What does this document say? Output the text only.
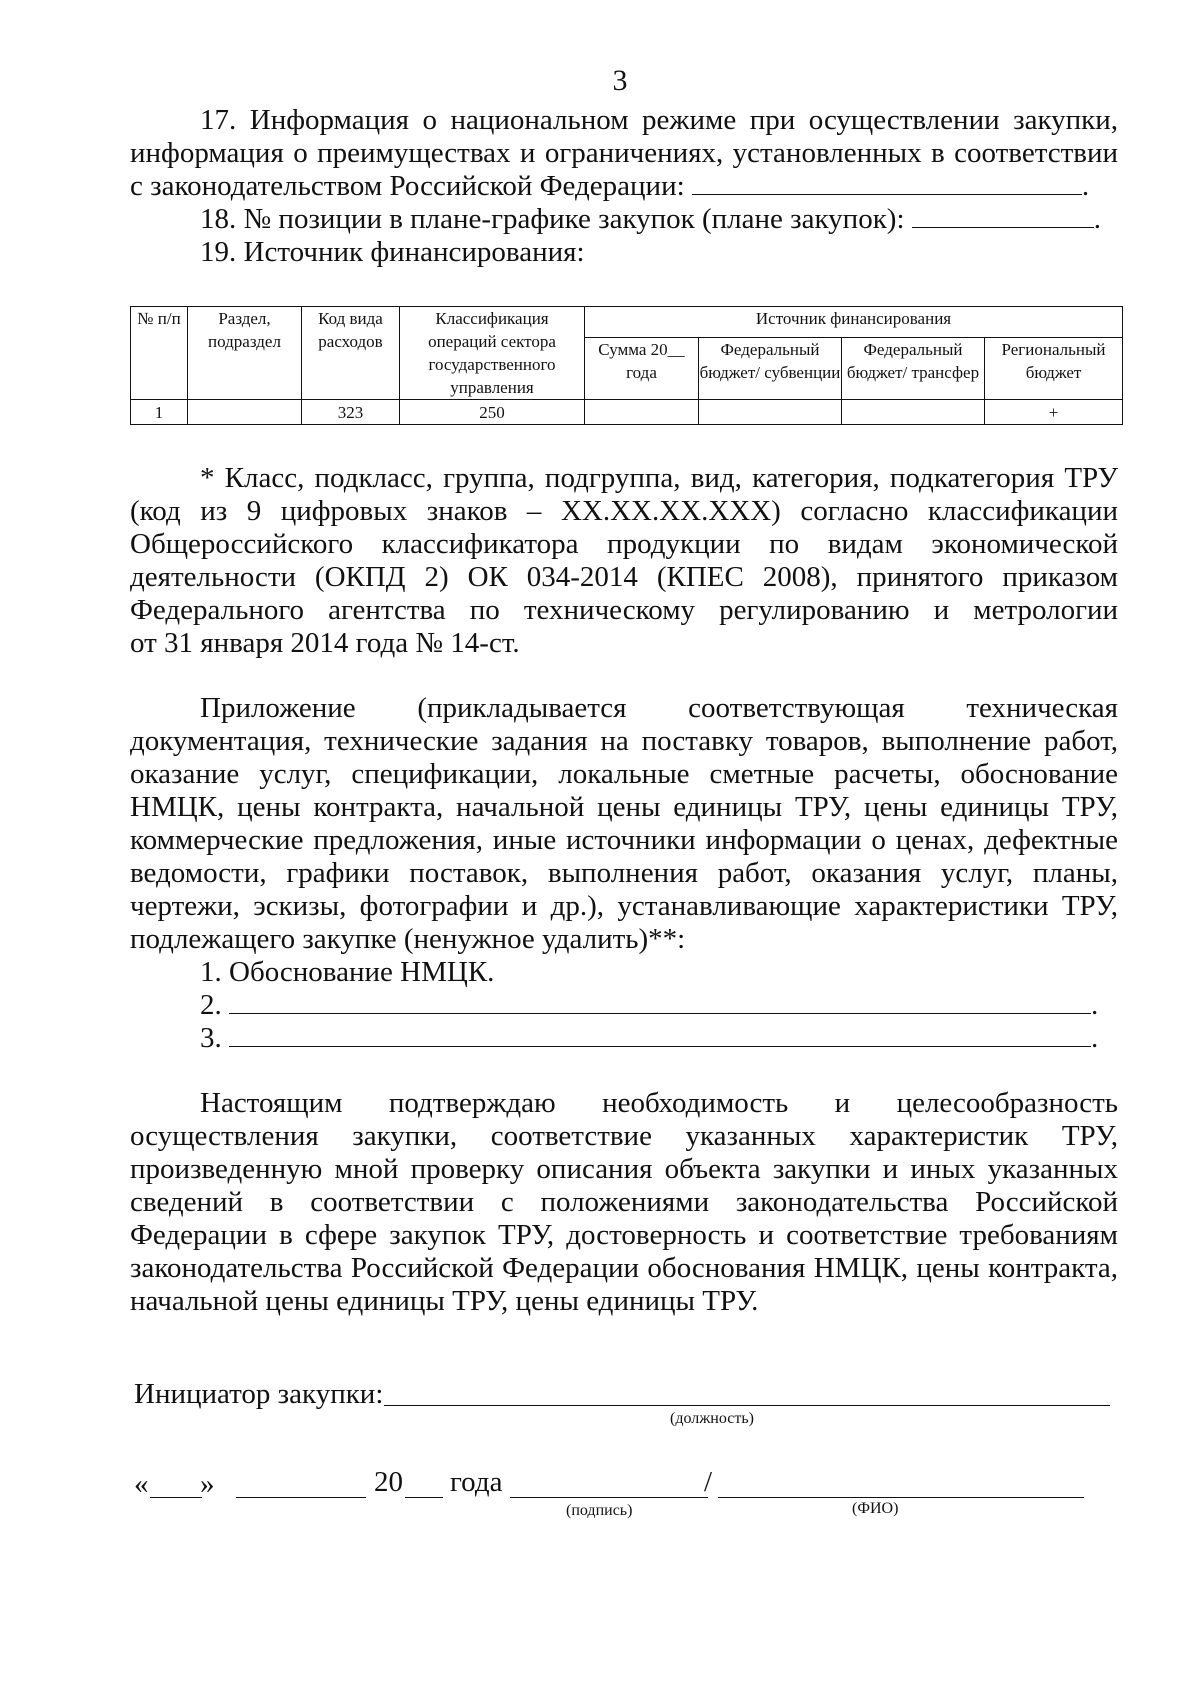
3
17. Информация о национальном режиме при осуществлении закупки,
информация о преимуществах и ограничениях, установленных в соответствии
с законодательством Российской Федерации:	.
18. № позиции в плане-графике закупок (плане закупок):	.
19. Источник финансирования:
№ п/п	Раздел, подраздел	Код вида расходов	Классификация операций сектора государственного управления	Источник финансирования			
				Сумма 20__ года	Федеральный бюджет/ субвенции	Федеральный бюджет/ трансфер	Региональный бюджет
1		323	250				+
* Класс, подкласс, группа, подгруппа, вид, категория, подкатегория ТРУ
(код из 9 цифровых знаков – XX.XX.XX.XXX) согласно классификации
Общероссийского классификатора продукции по видам экономической
деятельности (ОКПД 2) ОК 034-2014 (КПЕС 2008), принятого приказом
Федерального агентства по техническому регулированию и метрологии
от 31 января 2014 года № 14-ст.
Приложение (прикладывается соответствующая техническая
документация, технические задания на поставку товаров, выполнение работ,
оказание услуг, спецификации, локальные сметные расчеты, обоснование
НМЦК, цены контракта, начальной цены единицы ТРУ, цены единицы ТРУ,
коммерческие предложения, иные источники информации о ценах, дефектные
ведомости, графики поставок, выполнения работ, оказания услуг, планы,
чертежи, эскизы, фотографии и др.), устанавливающие характеристики ТРУ,
подлежащего закупке (ненужное удалить)**:
1. Обоснование НМЦК.
2.	.
3.	.
Настоящим подтверждаю необходимость и целесообразность
осуществления закупки, соответствие указанных характеристик ТРУ,
произведенную мной проверку описания объекта закупки и иных указанных
сведений в соответствии с положениями законодательства Российской
Федерации в сфере закупок ТРУ, достоверность и соответствие требованиям
законодательства Российской Федерации обоснования НМЦК, цены контракта,
начальной цены единицы ТРУ, цены единицы ТРУ.
Инициатор закупки:
(должность)
« »	20 года	/
(подпись)	(ФИО)
